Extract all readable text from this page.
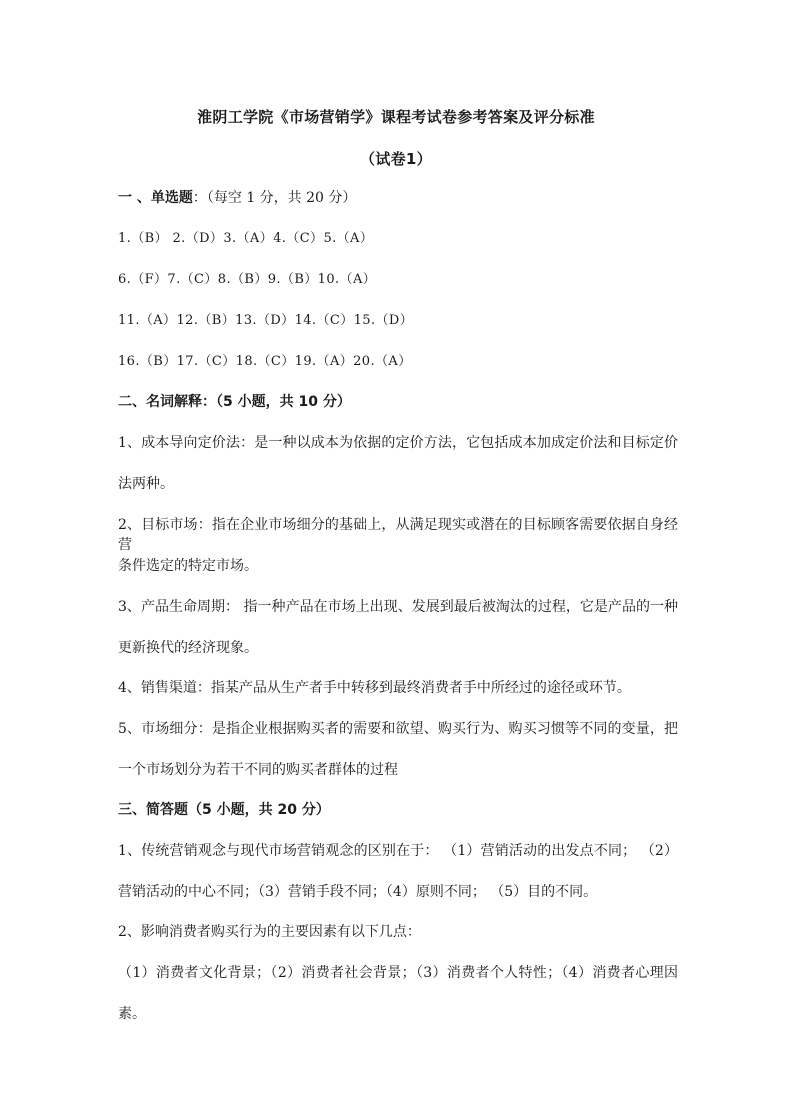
淮阴工学院《市场营销学》课程考试卷参考答案及评分标准
（试卷1）
一 、单选题：（每空 1 分，共 20 分）
1.（B） 2.（D）3.（A）4.（C）5.（A）
6.（F）7.（C）8.（B）9.（B）10.（A）
11.（A）12.（B）13.（D）14.（C）15.（D）
16.（B）17.（C）18.（C）19.（A）20.（A）
二、名词解释：（5 小题，共 10 分）
1、成本导向定价法：是一种以成本为依据的定价方法，它包括成本加成定价法和目标定价
法两种。
2、目标市场：指在企业市场细分的基础上，从满足现实或潜在的目标顾客需要依据自身经营
条件选定的特定市场。
3、产品生命周期： 指一种产品在市场上出现、发展到最后被淘汰的过程，它是产品的一种
更新换代的经济现象。
4、销售渠道：指某产品从生产者手中转移到最终消费者手中所经过的途径或环节。
5、市场细分：是指企业根据购买者的需要和欲望、购买行为、购买习惯等不同的变量，把
一个市场划分为若干不同的购买者群体的过程
三、简答题（5 小题，共 20 分）
1、传统营销观念与现代市场营销观念的区别在于： （1）营销活动的出发点不同； （2）
营销活动的中心不同；（3）营销手段不同；（4）原则不同； （5）目的不同。
2、影响消费者购买行为的主要因素有以下几点：
（1）消费者文化背景；（2）消费者社会背景；（3）消费者个人特性；（4）消费者心理因
素。
